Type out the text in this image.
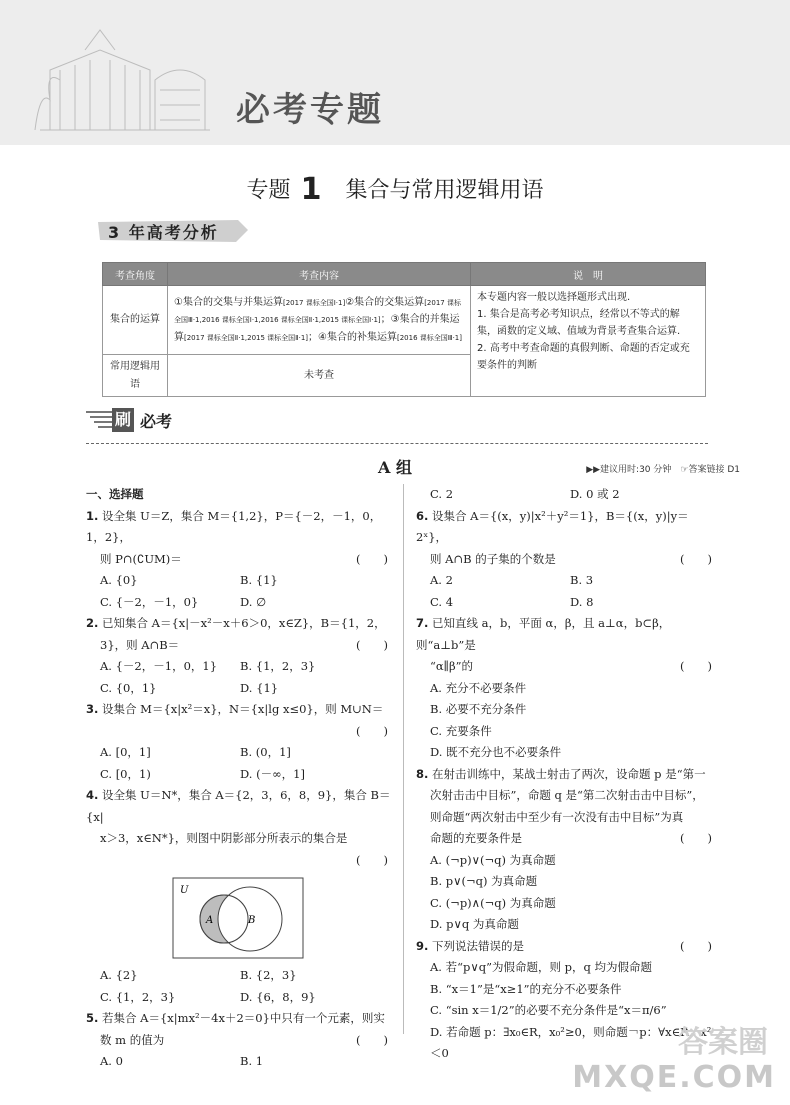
必考专题
专题 1 集合与常用逻辑用语
3 年高考分析
考查角度	考查内容	说　明
集合的运算	①集合的交集与并集运算[2017 课标全国Ⅰ·1]②集合的交集运算[2017 课标全国Ⅲ·1,2016 课标全国Ⅰ·1,2016 课标全国Ⅱ·1,2015 课标全国Ⅰ·1]；③集合的并集运算[2017 课标全国Ⅱ·1,2015 课标全国Ⅱ·1]；④集合的补集运算[2016 课标全国Ⅲ·1]	本专题内容一般以选择题形式出现.
1. 集合是高考必考知识点，经常以不等式的解集，函数的定义域、值域为背景考查集合运算.
2. 高考中考查命题的真假判断、命题的否定或充要条件的判断

常用逻辑用语	未考查	
刷 必考
A 组	▶▶建议用时:30 分钟　 ☞答案链接 D1
一、选择题
1. 设全集 U＝Z，集合 M＝{1,2}，P＝{－2，－1，0，1，2}，
则 P∩(∁UM)＝	(　　)
A. {0}	B. {1}
C. {－2，－1，0}	D. ∅
2. 已知集合 A＝{x|－x²－x＋6＞0，x∈Z}，B＝{1，2，
3}，则 A∩B＝	(　　)
A. {－2，－1，0，1}	B. {1，2，3}
C. {0，1}	D. {1}
3. 设集合 M＝{x|x²＝x}，N＝{x|lg x≤0}，则 M∪N＝

(　　)
A. [0，1]	B. (0，1]
C. [0，1)	D. (－∞，1]
4. 设全集 U＝N*，集合 A＝{2，3，6，8，9}，集合 B＝{x|
x＞3，x∈N*}，则图中阴影部分所表示的集合是

(　　)
U
A	B
A. {2}	B. {2，3}
C. {1，2，3}	D. {6，8，9}
5. 若集合 A＝{x|mx²－4x＋2＝0}中只有一个元素，则实
数 m 的值为	(　　)
A. 0	B. 1
C. 2	D. 0 或 2
6. 设集合 A＝{(x，y)|x²＋y²＝1}，B＝{(x，y)|y＝2ˣ}，
则 A∩B 的子集的个数是	(　　)
A. 2	B. 3
C. 4	D. 8
7. 已知直线 a，b，平面 α，β，且 a⊥α，b⊂β，则“a⊥b”是
“α∥β”的	(　　)
A. 充分不必要条件
B. 必要不充分条件
C. 充要条件
D. 既不充分也不必要条件
8. 在射击训练中，某战士射击了两次，设命题 p 是“第一
次射击击中目标”，命题 q 是“第二次射击击中目标”，
则命题“两次射击中至少有一次没有击中目标”为真
命题的充要条件是	(　　)
A. (¬p)∨(¬q) 为真命题
B. p∨(¬q) 为真命题
C. (¬p)∧(¬q) 为真命题
D. p∨q 为真命题
9. 下列说法错误的是	(　　)
A. 若“p∨q”为假命题，则 p，q 均为假命题
B. “x＝1”是“x≥1”的充分不必要条件
C. “sin x＝1/2”的必要不充分条件是“x＝π/6”
D. 若命题 p：∃x₀∈R，x₀²≥0，则命题￢p：∀x∈R，x²＜0	答案圈
MXQE.COM
